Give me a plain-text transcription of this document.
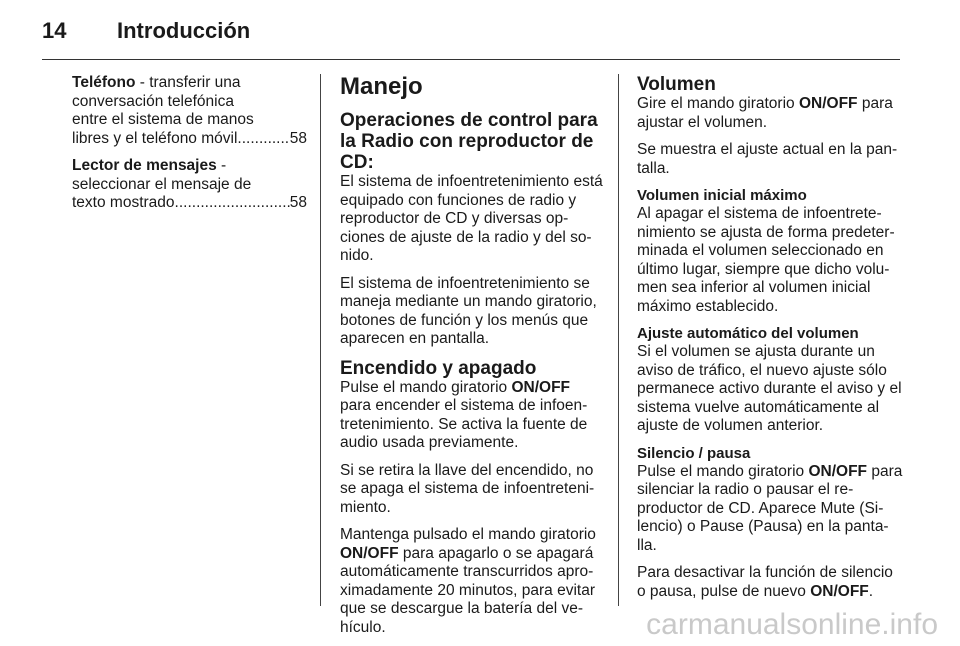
14 Introducción
Teléfono - transferir una
conversación telefónica
entre el sistema de manos
libres y el teléfono móvil .....	58
Lector de mensajes -
seleccionar el mensaje de
texto mostrado .....	58
Manejo
Operaciones de control para la Radio con reproductor de CD:

El sistema de infoentretenimiento está equipado con funciones de radio y reproductor de CD y diversas op-ciones de ajuste de la radio y del so-nido.

El sistema de infoentretenimiento se maneja mediante un mando giratorio, botones de función y los menús que aparecen en pantalla.

Encendido y apagado

Pulse el mando giratorio ON/OFF para encender el sistema de infoen-tretenimiento. Se activa la fuente de audio usada previamente.

Si se retira la llave del encendido, no se apaga el sistema de infoentreteni-miento.

Mantenga pulsado el mando giratorio ON/OFF para apagarlo o se apagará automáticamente transcurridos apro-ximadamente 20 minutos, para evitar que se descargue la batería del ve-hículo.

Volumen

Gire el mando giratorio ON/OFF para ajustar el volumen.

Se muestra el ajuste actual en la pan-talla.

Volumen inicial máximo

Al apagar el sistema de infoentrete-nimiento se ajusta de forma predeter-minada el volumen seleccionado en último lugar, siempre que dicho volu-men sea inferior al volumen inicial máximo establecido.

Ajuste automático del volumen

Si el volumen se ajusta durante un aviso de tráfico, el nuevo ajuste sólo permanece activo durante el aviso y el sistema vuelve automáticamente al ajuste de volumen anterior.

Silencio / pausa

Pulse el mando giratorio ON/OFF para silenciar la radio o pausar el re-productor de CD. Aparece Mute (Si-lencio) o Pause (Pausa) en la panta-lla.

Para desactivar la función de silencio o pausa, pulse de nuevo ON/OFF.

carmanualsonline.info
